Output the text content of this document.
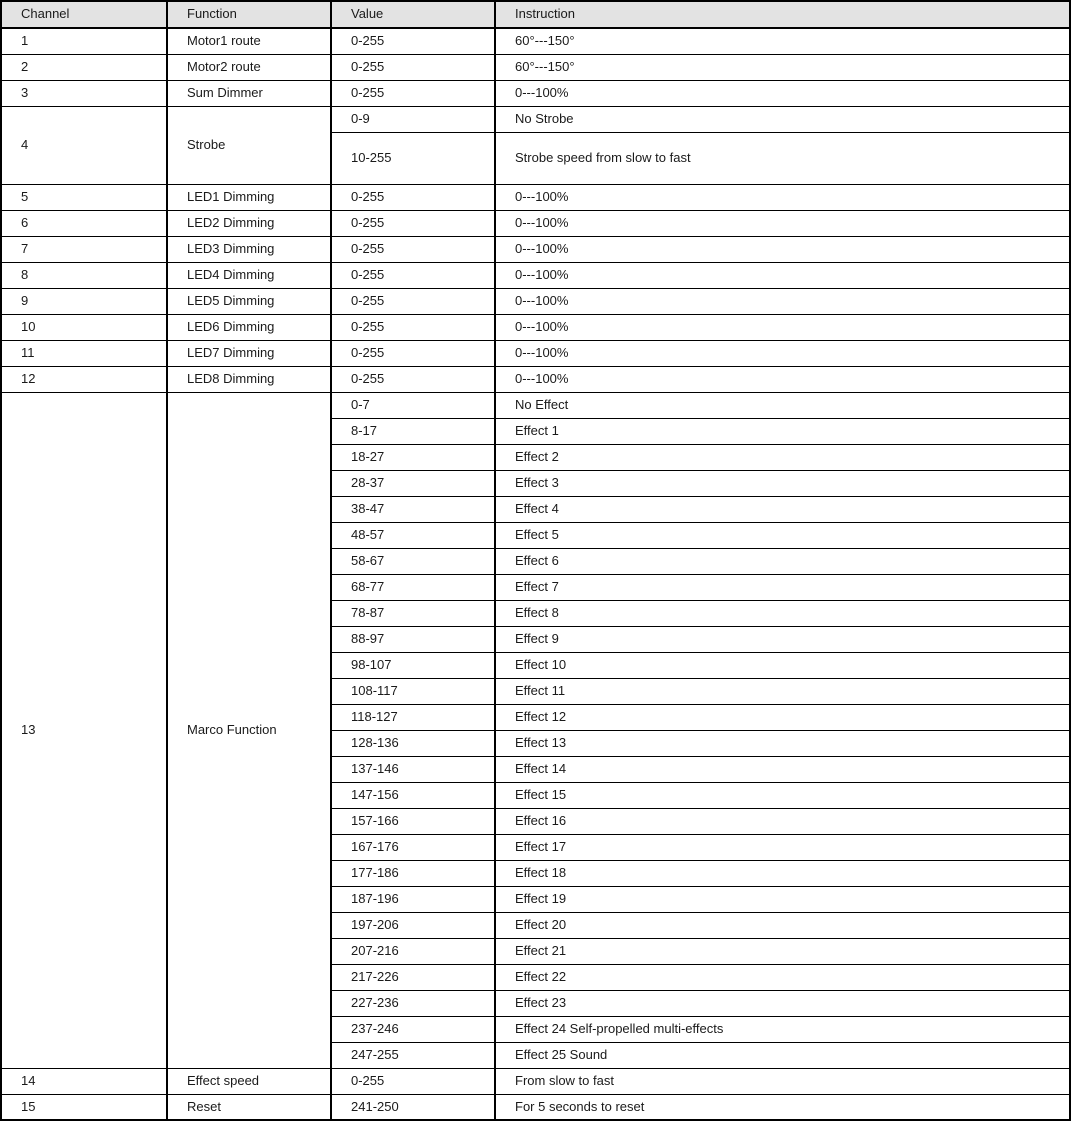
Channel	Function	Value	Instruction
1	Motor1 route	0-255	60°---150°
2	Motor2 route	0-255	60°---150°
3	Sum Dimmer	0-255	0---100%
4	Strobe	0-9	No Strobe
		10-255	Strobe speed from slow to fast
5	LED1 Dimming	0-255	0---100%
6	LED2 Dimming	0-255	0---100%
7	LED3 Dimming	0-255	0---100%
8	LED4 Dimming	0-255	0---100%
9	LED5 Dimming	0-255	0---100%
10	LED6 Dimming	0-255	0---100%
11	LED7 Dimming	0-255	0---100%
12	LED8 Dimming	0-255	0---100%
13	Marco Function	0-7	No Effect
		8-17	Effect 1
		18-27	Effect 2
		28-37	Effect 3
		38-47	Effect 4
		48-57	Effect 5
		58-67	Effect 6
		68-77	Effect 7
		78-87	Effect 8
		88-97	Effect 9
		98-107	Effect 10
		108-117	Effect 11
		118-127	Effect 12
		128-136	Effect 13
		137-146	Effect 14
		147-156	Effect 15
		157-166	Effect 16
		167-176	Effect 17
		177-186	Effect 18
		187-196	Effect 19
		197-206	Effect 20
		207-216	Effect 21
		217-226	Effect 22
		227-236	Effect 23
		237-246	Effect 24 Self-propelled multi-effects
		247-255	Effect 25 Sound
14	Effect speed	0-255	From slow to fast
15	Reset	241-250	For 5 seconds to reset
